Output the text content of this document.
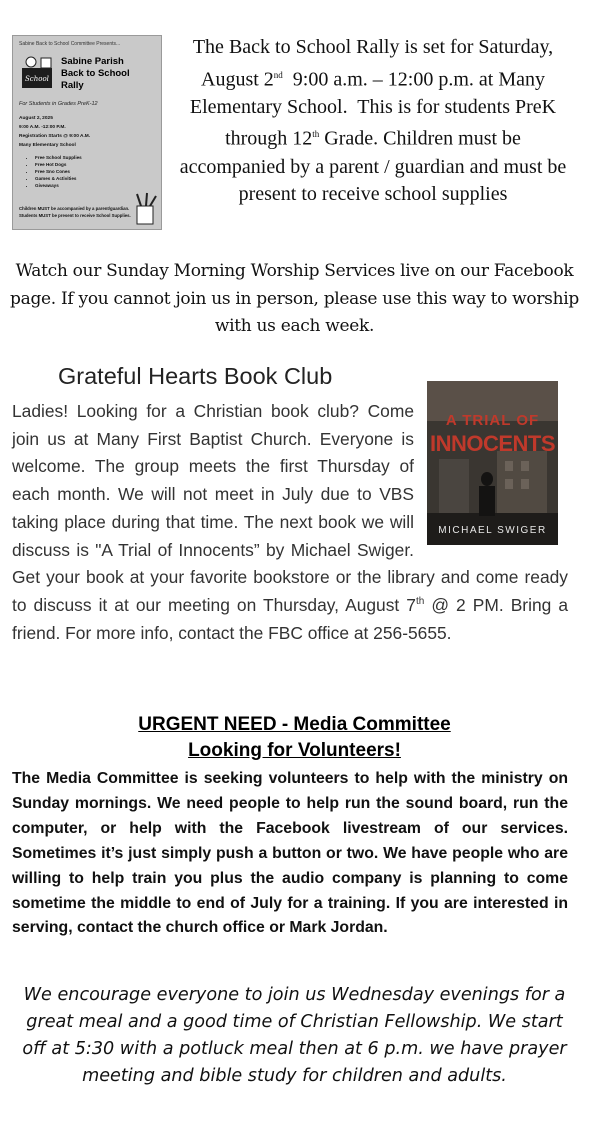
Sabine Back to School Committee Presents...
School
Sabine Parish
Back to School
Rally
For Students in Grades PreK-12
August 2, 2025
9:00 A.M. -12:00 P.M.
Registration Starts @ 9:00 A.M.
Many Elementary School
• Free School Supplies
• Free Hot Dogs
• Free Sno Cones
• Games & Activities
• Giveaways
Children MUST be accompanied by a parent/guardian.
Students MUST be present to receive School Supplies.

The Back to School Rally is set for Saturday, August 2nd  9:00 a.m. – 12:00 p.m. at Many Elementary School.  This is for students PreK through 12th Grade. Children must be accompanied by a parent / guardian and must be present to receive school supplies

Watch our Sunday Morning Worship Services live on our Facebook page. If you cannot join us in person, please use this way to worship with us each week.

Grateful Hearts Book Club
A TRIAL OF
INNOCENTS
MICHAEL SWIGER

Ladies! Looking for a Christian book club? Come join us at Many First Baptist Church. Everyone is welcome. The group meets the first Thursday of each month. We will not meet in July due to VBS taking place during that time. The next book we will discuss is "A Trial of Innocents” by Michael Swiger. Get your book at your favorite bookstore or the library and come ready to discuss it at our meeting on Thursday, August 7th @ 2 PM. Bring a friend. For more info, contact the FBC office at 256-5655.

URGENT NEED - Media Committee
Looking for Volunteers!

The Media Committee is seeking volunteers to help with the ministry on Sunday mornings. We need people to help run the sound board, run the computer, or help with the Facebook livestream of our services. Sometimes it’s just simply push a button or two. We have people who are willing to help train you plus the audio company is planning to come sometime the middle to end of July for a training. If you are interested in serving, contact the church office or Mark Jordan.

We encourage everyone to join us Wednesday evenings for a great meal and a good time of Christian Fellowship. We start off at 5:30 with a potluck meal then at 6 p.m. we have prayer meeting and bible study for children and adults.
